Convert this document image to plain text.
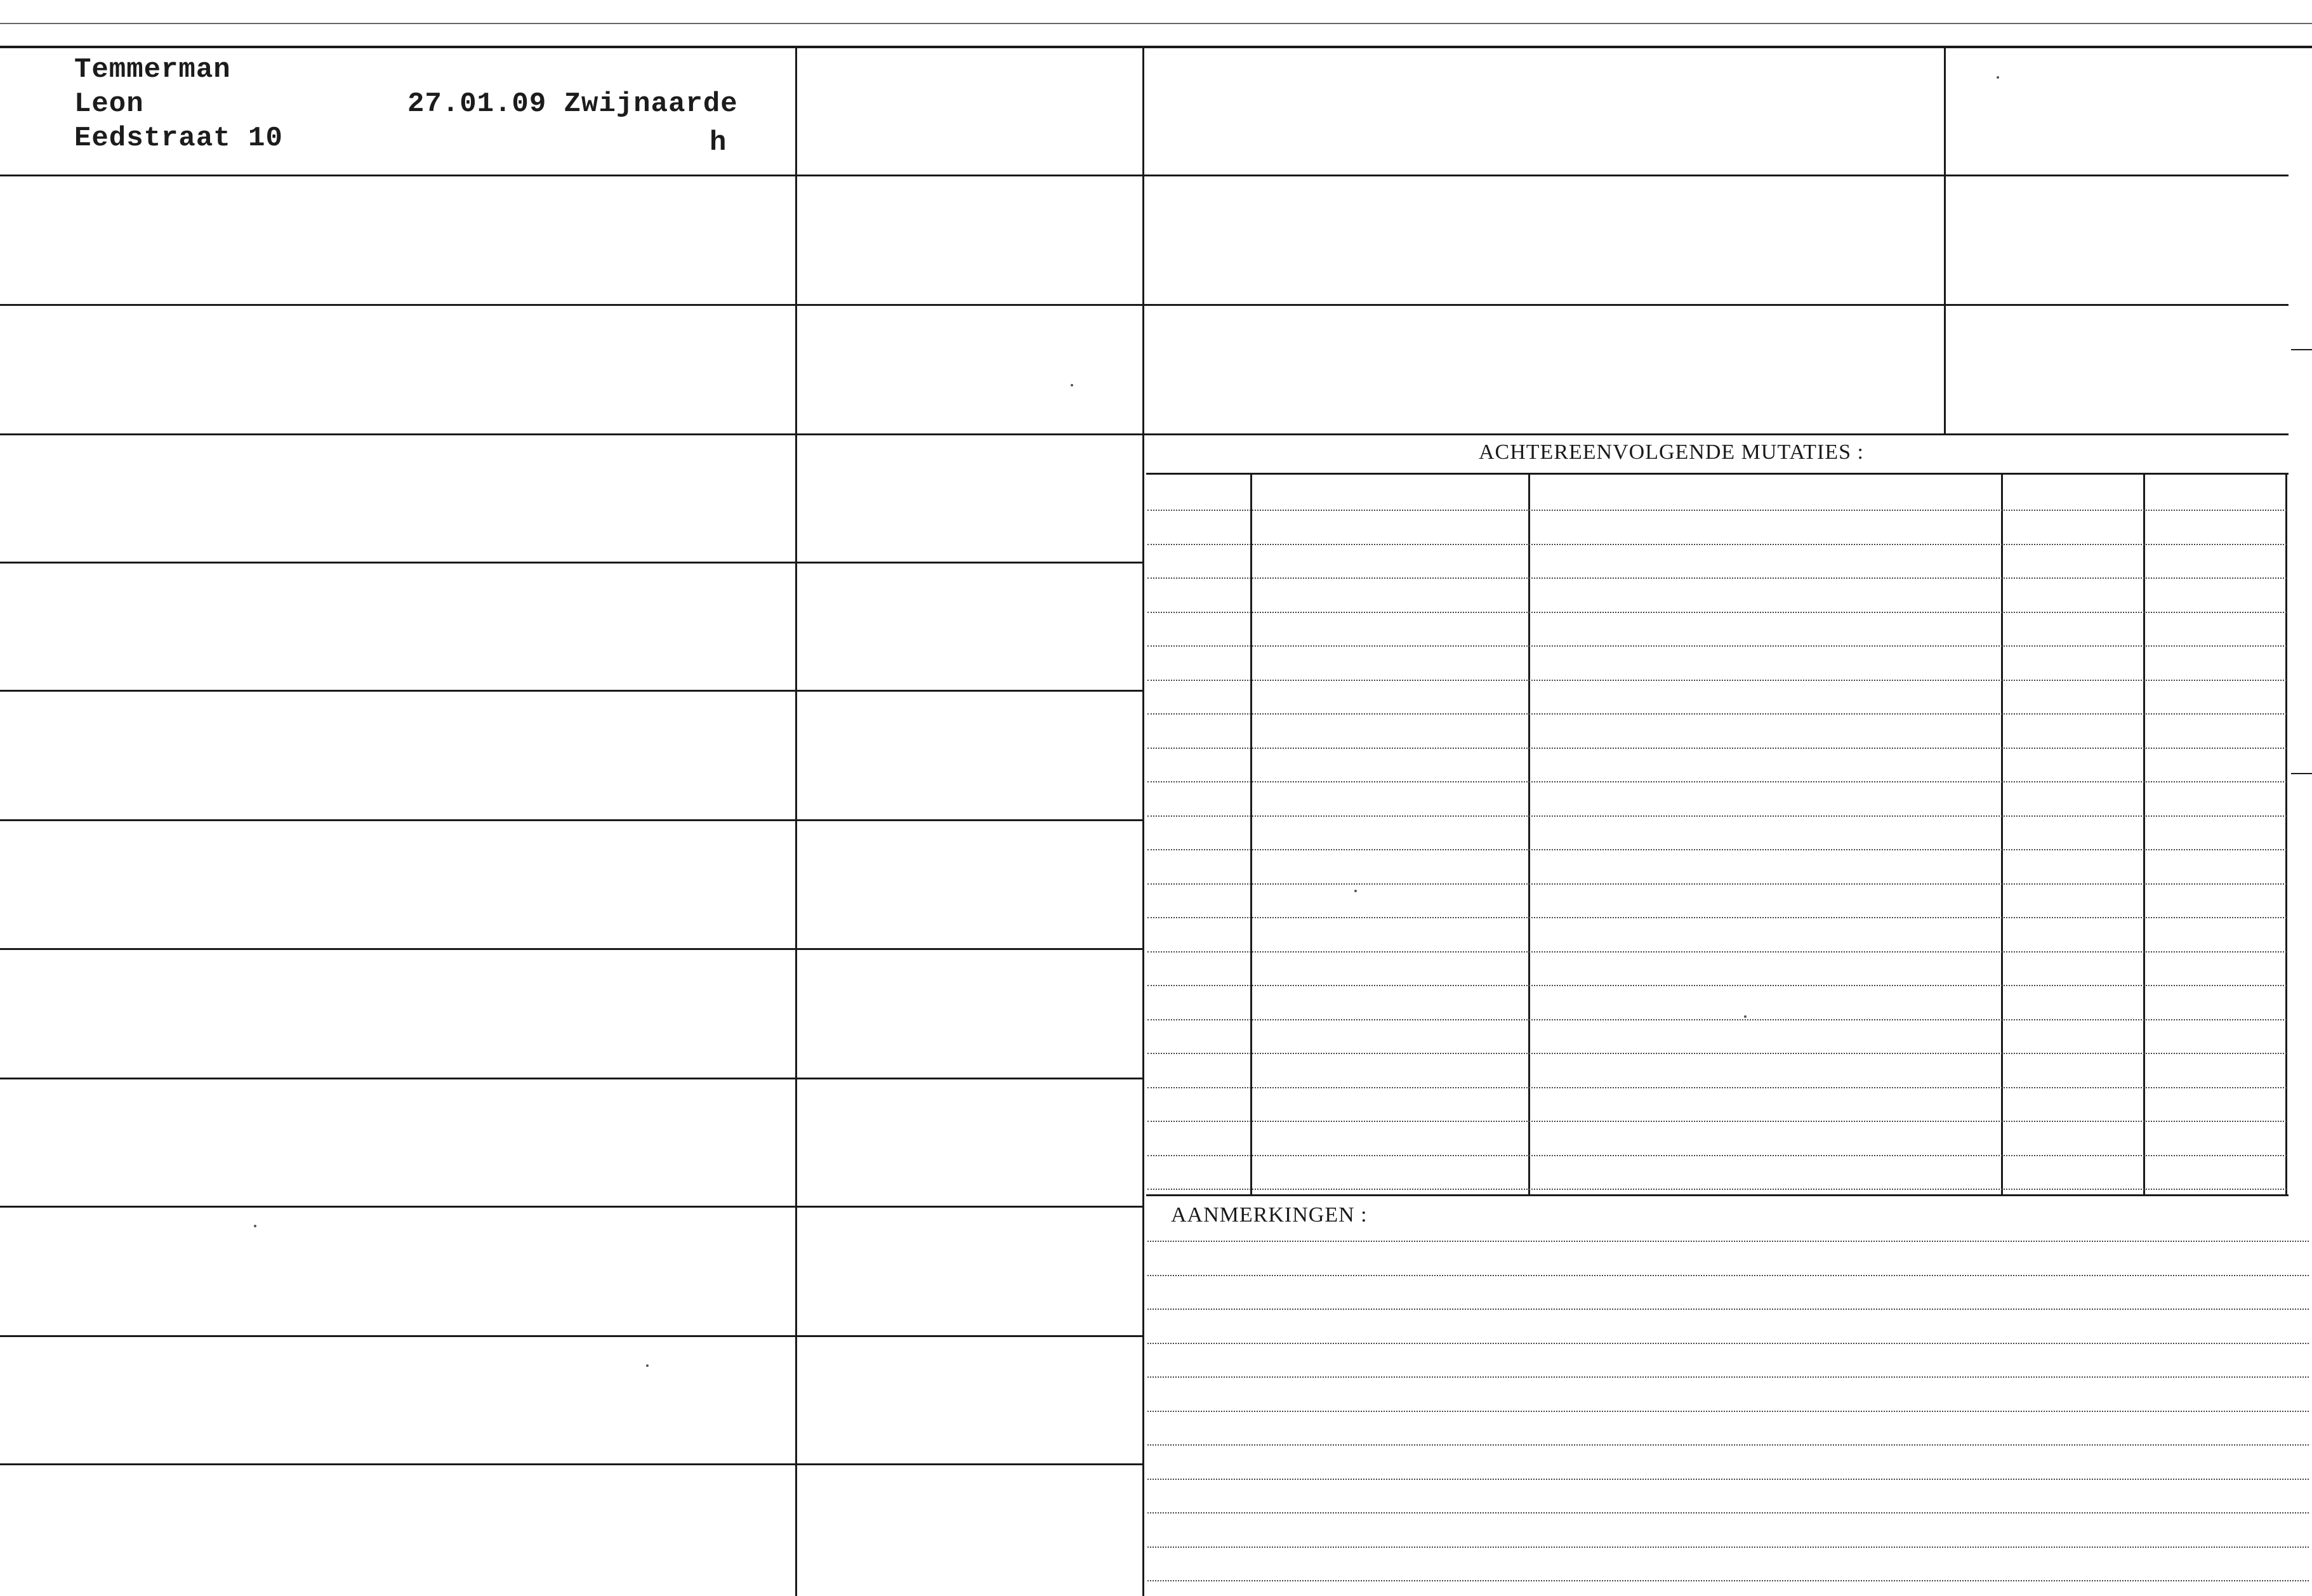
Temmerman
Leon
Eedstraat 10
27.01.09 Zwijnaarde
h
ACHTEREENVOLGENDE MUTATIES :
AANMERKINGEN :
